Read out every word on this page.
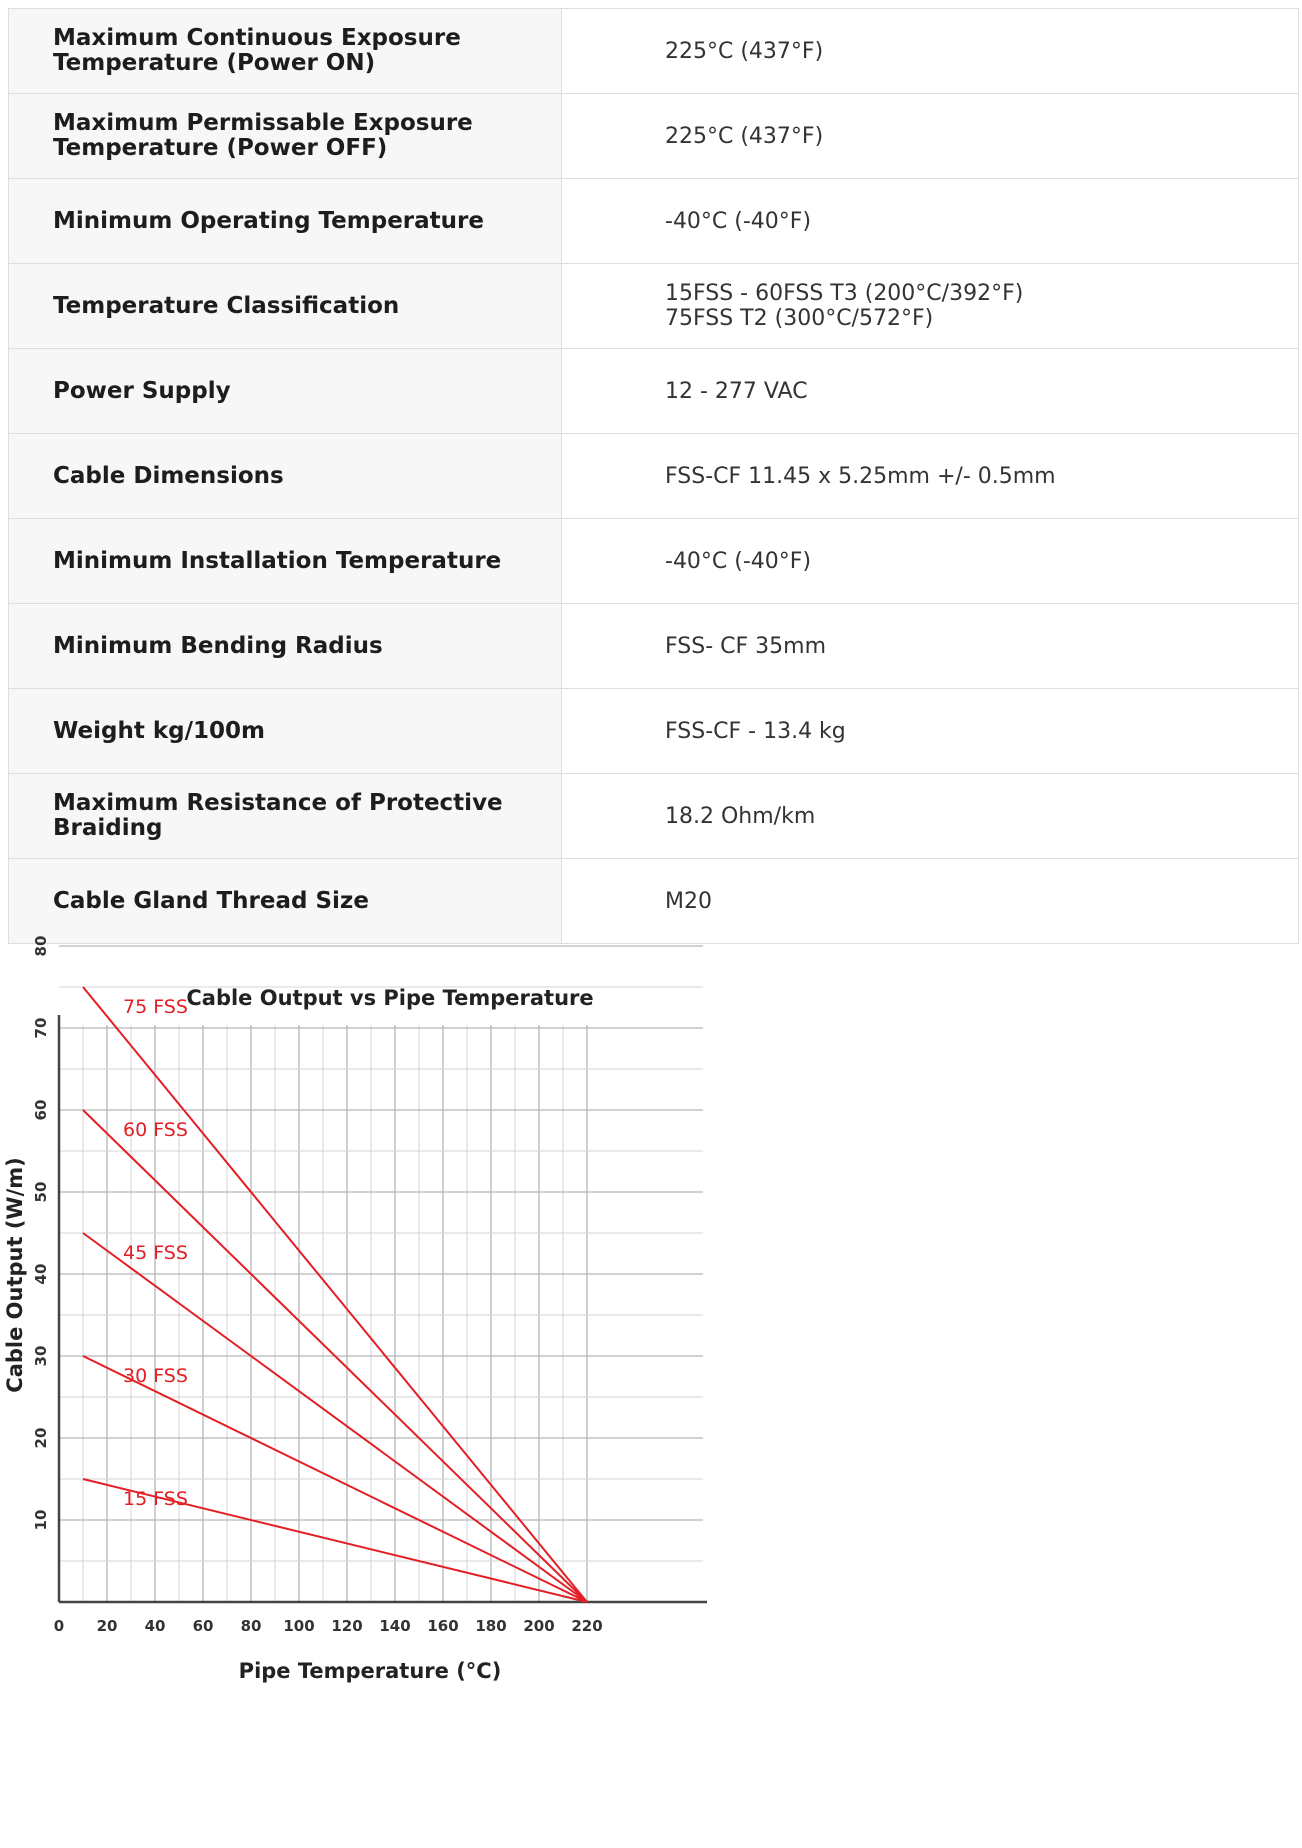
Maximum Continuous Exposure
Temperature (Power ON)	225°C (437°F)

Maximum Permissable Exposure
Temperature (Power OFF)	225°C (437°F)

Minimum Operating Temperature	-40°C (-40°F)

Temperature Classification	15FSS - 60FSS T3 (200°C/392°F)
75FSS T2 (300°C/572°F)

Power Supply	12 - 277 VAC

Cable Dimensions	FSS-CF 11.45 x 5.25mm +/- 0.5mm

Minimum Installation Temperature	-40°C (-40°F)

Minimum Bending Radius	FSS- CF 35mm

Weight kg/100m	FSS-CF - 13.4 kg

Maximum Resistance of Protective
Braiding	18.2 Ohm/km

Cable Gland Thread Size	M20
0 20 40 60 80 100 120 140 160 180 200 220
10
20
30
40
50
60
70
80
75 FSS
60 FSS
45 FSS
30 FSS
15 FSS
Cable Output vs Pipe Temperature
Pipe Temperature (°C)
Cable Output (W/m)
